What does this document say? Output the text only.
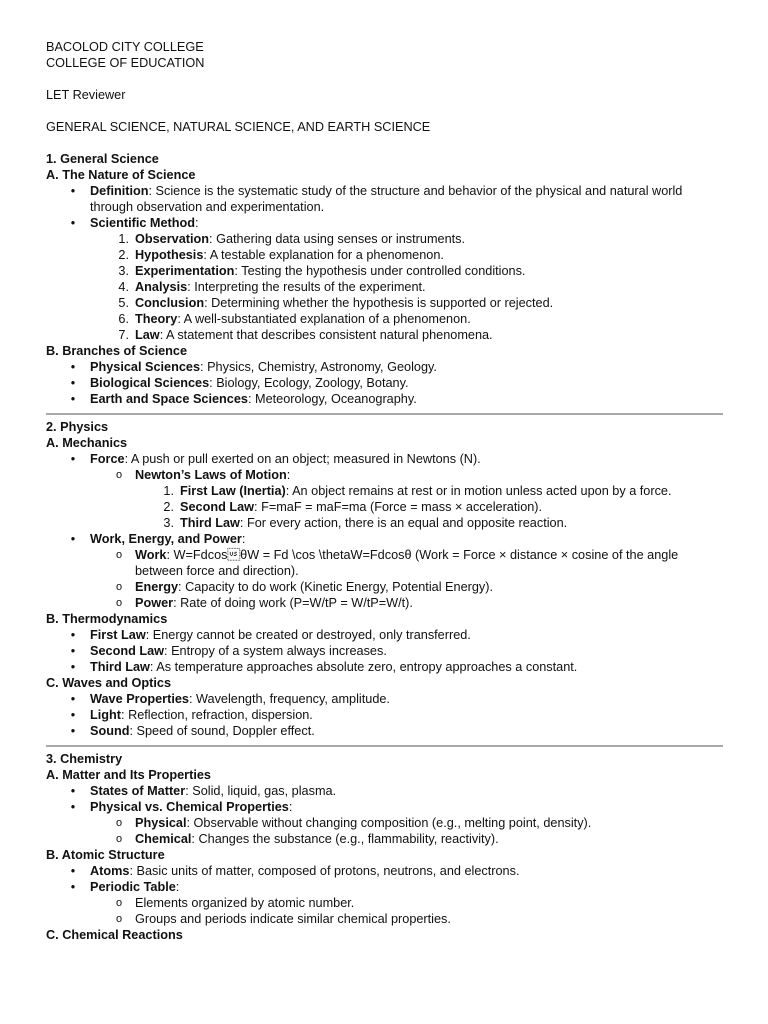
BACOLOD CITY COLLEGE

COLLEGE OF EDUCATION

LET Reviewer

GENERAL SCIENCE, NATURAL SCIENCE, AND EARTH SCIENCE

1. General Science
A. The Nature of Science
• Definition: Science is the systematic study of the structure and behavior of the physical and natural world through observation and experimentation.
• Scientific Method:
1. Observation: Gathering data using senses or instruments.
2. Hypothesis: A testable explanation for a phenomenon.
3. Experimentation: Testing the hypothesis under controlled conditions.
4. Analysis: Interpreting the results of the experiment.
5. Conclusion: Determining whether the hypothesis is supported or rejected.
6. Theory: A well-substantiated explanation of a phenomenon.
7. Law: A statement that describes consistent natural phenomena.
B. Branches of Science
• Physical Sciences: Physics, Chemistry, Astronomy, Geology.
• Biological Sciences: Biology, Ecology, Zoology, Botany.
• Earth and Space Sciences: Meteorology, Oceanography.
2. Physics
A. Mechanics
• Force: A push or pull exerted on an object; measured in Newtons (N).
o Newton’s Laws of Motion:
1. First Law (Inertia): An object remains at rest or in motion unless acted upon by a force.
2. Second Law: F=maF = maF=ma (Force = mass × acceleration).
3. Third Law: For every action, there is an equal and opposite reaction.
• Work, Energy, and Power:
o Work: W=FdcosθW = Fd \cos \thetaW=Fdcosθ (Work = Force × distance × cosine of the angle between force and direction).
o Energy: Capacity to do work (Kinetic Energy, Potential Energy).
o Power: Rate of doing work (P=W/tP = W/tP=W/t).
B. Thermodynamics
• First Law: Energy cannot be created or destroyed, only transferred.
• Second Law: Entropy of a system always increases.
• Third Law: As temperature approaches absolute zero, entropy approaches a constant.
C. Waves and Optics
• Wave Properties: Wavelength, frequency, amplitude.
• Light: Reflection, refraction, dispersion.
• Sound: Speed of sound, Doppler effect.
3. Chemistry
A. Matter and Its Properties
• States of Matter: Solid, liquid, gas, plasma.
• Physical vs. Chemical Properties:
o Physical: Observable without changing composition (e.g., melting point, density).
o Chemical: Changes the substance (e.g., flammability, reactivity).
B. Atomic Structure
• Atoms: Basic units of matter, composed of protons, neutrons, and electrons.
• Periodic Table:
o Elements organized by atomic number.
o Groups and periods indicate similar chemical properties.
C. Chemical Reactions
